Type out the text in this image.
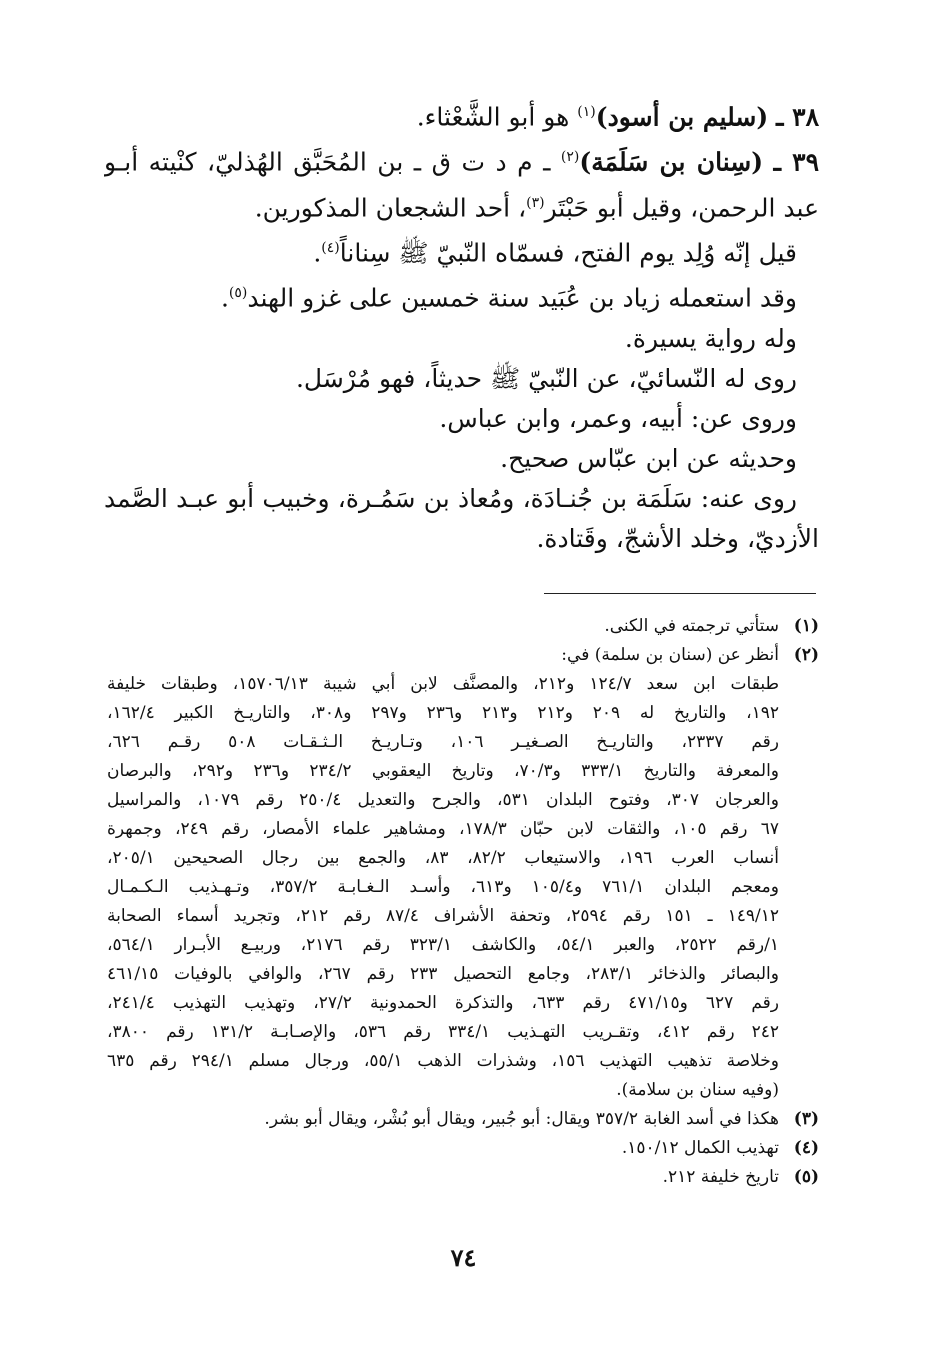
٣٨ ـ (سليم بن أسود)$^{(١)}$ هو أبو الشَّعْثاء.

٣٩ ـ (سِنان بن سَلَمَة)$^{(٢)}$ ـ م د ت ق ـ بن المُحَبَّق الهُذليّ، كنْيته أبـو

عبد الرحمن، وقيل أبو حَبْتَر$^{(٣)}$، أحد الشجعان المذكورين.

قيل إنّه وُلِد يوم الفتح، فسمّاه النّبيّ ﷺ سِناناً$^{(٤)}$.

وقد استعمله زياد بن عُبَيد سنة خمسين على غزو الهند$^{(٥)}$.

وله رواية يسيرة.

روى له النّسائيّ، عن النّبيّ ﷺ حديثاً، فهو مُرْسَل.

وروى عن: أبيه، وعمر، وابن عباس.

وحديثه عن ابن عبّاس صحيح.

روى عنه: سَلَمَة بن جُنـادَة، ومُعاذ بن سَمُـرة، وخبيب أبو عبـد الصَّمد

الأزديّ، وخلد الأشجّ، وقَتادة.

(١)ستأتي ترجمته في الكنى.

(٢)أنظر عن (سنان بن سلمة) في:

طبقات ابن سعد ١٢٤/٧ و٢١٢، والمصنَّف لابن أبي شيبة ١٥٧٠٦/١٣، وطبقات خليفة

١٩٢، والتاريخ له ٢٠٩ و٢١٢ و٢١٣ و٢٣٦ و٢٩٧ و٣٠٨، والتاريـخ الكبير ١٦٢/٤،

رقم ٢٣٣٧، والتاريـخ الصـغيـر ١٠٦، وتـاريـخ الـثـقـات ٥٠٨ رقـم ٦٢٦،

والمعرفة والتاريخ ٣٣٣/١ و٧٠/٣، وتاريخ اليعقوبي ٢٣٤/٢ و٢٣٦ و٢٩٢، والبرصان

والعرجان ٣٠٧، وفتوح البلدان ٥٣١، والجرح والتعديل ٢٥٠/٤ رقم ١٠٧٩، والمراسيل

٦٧ رقم ١٠٥، والثقات لابن حبّان ١٧٨/٣، ومشاهير علماء الأمصار، رقم ٢٤٩، وجمهرة

أنساب العرب ١٩٦، والاستيعاب ٨٢/٢، ٨٣، والجمع بين رجال الصحيحين ٢٠٥/١،

ومعجم البلدان ٧٦١/١ و١٠٥/٤ و٦١٣، وأسـد الـغـابـة ٣٥٧/٢، وتـهـذيب الـكـمـال

١٤٩/١٢ ـ ١٥١ رقم ٢٥٩٤، وتحفة الأشراف ٨٧/٤ رقم ٢١٢، وتجريد أسماء الصحابة

١/رقم ٢٥٢٢، والعبر ٥٤/١، والكاشف ٣٢٣/١ رقم ٢١٧٦، وربيـع الأبـرار ٥٦٤/١،

والبصائر والذخائر ٢٨٣/١، وجامع التحصيل ٢٣٣ رقم ٢٦٧، والوافي بالوفيات ٤٦١/١٥

رقم ٦٢٧ و٤٧١/١٥ رقم ٦٣٣، والتذكرة الحمدونية ٢٧/٢، وتهذيب التهذيب ٢٤١/٤،

٢٤٢ رقم ٤١٢، وتقـريب التهـذيب ٣٣٤/١ رقم ٥٣٦، والإصـابـة ١٣١/٢ رقم ٣٨٠٠،

وخلاصة تذهيب التهذيب ١٥٦، وشذرات الذهب ٥٥/١، ورجال مسلم ٢٩٤/١ رقم ٦٣٥

(وفيه سنان بن سلامة).

(٣)هكذا في أسد الغابة ٣٥٧/٢ ويقال: أبو جُبير، ويقال أبو بُشْر، ويقال أبو بشر.

(٤)تهذيب الكمال ١٥٠/١٢.

(٥)تاريخ خليفة ٢١٢.

٧٤
